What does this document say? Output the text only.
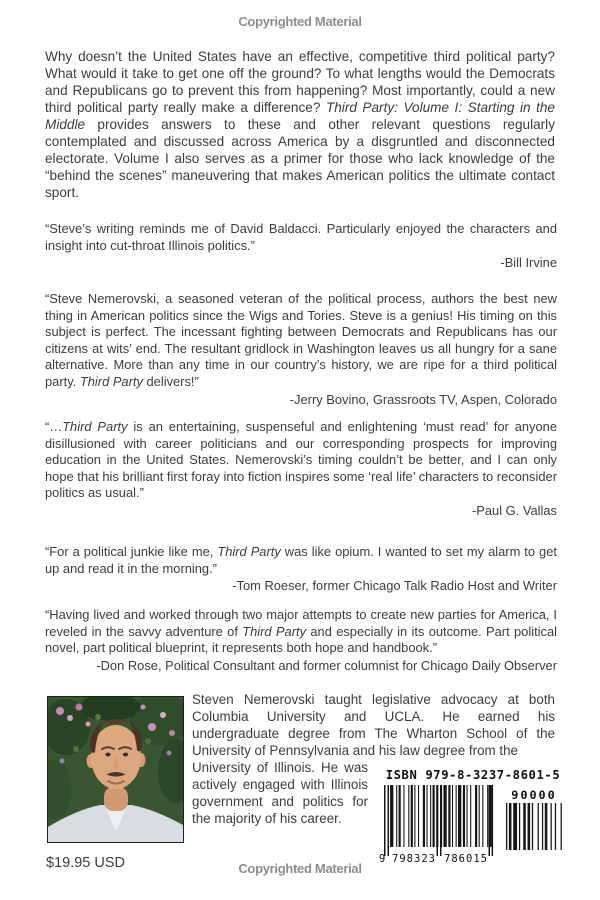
Copyrighted Material
Why doesn’t the United States have an effective, competitive third political party? What would it take to get one off the ground? To what lengths would the Democrats and Republicans go to prevent this from happening? Most importantly, could a new third political party really make a difference? Third Party: Volume I: Starting in the Middle provides answers to these and other relevant questions regularly contemplated and discussed across America by a disgruntled and disconnected electorate. Volume I also serves as a primer for those who lack knowledge of the “behind the scenes” maneuvering that makes American politics the ultimate contact sport.
“Steve’s writing reminds me of David Baldacci. Particularly enjoyed the characters and insight into cut-throat Illinois politics.”
-Bill Irvine
“Steve Nemerovski, a seasoned veteran of the political process, authors the best new thing in American politics since the Wigs and Tories. Steve is a genius! His timing on this subject is perfect. The incessant fighting between Democrats and Republicans has our citizens at wits’ end. The resultant gridlock in Washington leaves us all hungry for a sane alternative. More than any time in our country’s history, we are ripe for a third political party. Third Party delivers!”
-Jerry Bovino, Grassroots TV, Aspen, Colorado
“…Third Party is an entertaining, suspenseful and enlightening ‘must read’ for anyone disillusioned with career politicians and our corresponding prospects for improving education in the United States. Nemerovski’s timing couldn’t be better, and I can only hope that his brilliant first foray into fiction inspires some ‘real life’ characters to reconsider politics as usual.”
-Paul G. Vallas
“For a political junkie like me, Third Party was like opium. I wanted to set my alarm to get up and read it in the morning.”
-Tom Roeser, former Chicago Talk Radio Host and Writer
“Having lived and worked through two major attempts to create new parties for America, I reveled in the savvy adventure of Third Party and especially in its outcome. Part political novel, part political blueprint, it represents both hope and handbook.”
-Don Rose, Political Consultant and former columnist for Chicago Daily Observer
Steven Nemerovski taught legislative advocacy at both Columbia University and UCLA. He earned his undergraduate degree from The Wharton School of the University of Pennsylvania and his law degree from the
University of Illinois. He was actively engaged with Illinois government and politics for the majority of his career.
ISBN 979-8-3237-8601-5
90000
9 798323 786015
$19.95 USD	Copyrighted Material
